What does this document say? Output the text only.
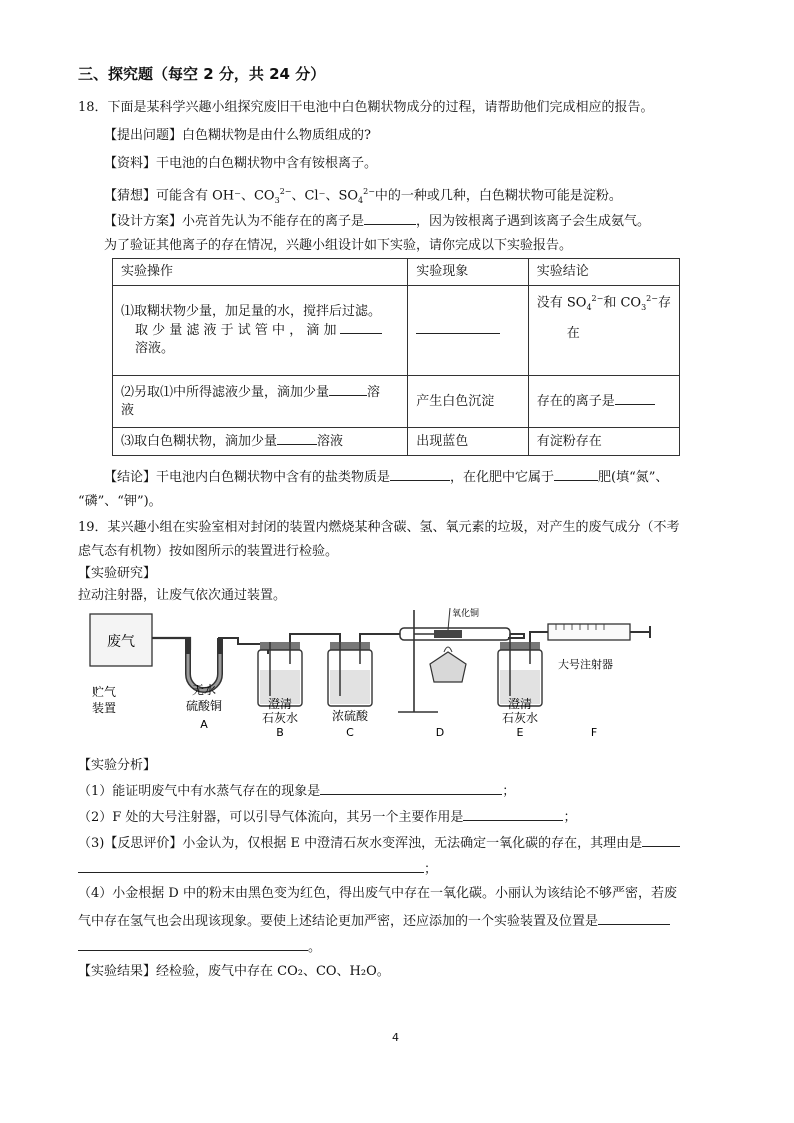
三、探究题（每空 2 分，共 24 分）
18．下面是某科学兴趣小组探究废旧干电池中白色糊状物成分的过程，请帮助他们完成相应的报告。
【提出问题】白色糊状物是由什么物质组成的?
【资料】干电池的白色糊状物中含有铵根离子。
【猜想】可能含有 OH⁻、$CO_3^{2-}$、Cl⁻、$SO_4^{2-}$中的一种或几种，白色糊状物可能是淀粉。
【设计方案】小亮首先认为不能存在的离子是	，因为铵根离子遇到该离子会生成氨气。
为了验证其他离子的存在情况，兴趣小组设计如下实验，请你完成以下实验报告。
实验操作	实验现象	实验结论

⑴取糊状物少量，加足量的水，搅拌后过滤。
取 少 量 滤 液 于 试 管 中 ， 滴 加
溶液。		没有 $SO_4^{2-}$和 $CO_3^{2-}$存
在

⑵另取⑴中所得滤液少量，滴加少量 溶
液	产生白色沉淀	存在的离子是
⑶取白色糊状物，滴加少量 溶液	出现蓝色	有淀粉存在
【结论】干电池内白色糊状物中含有的盐类物质是	，在化肥中它属于	肥(填“氮”、
“磷”、“钾”)。
19．某兴趣小组在实验室相对封闭的装置内燃烧某种含碳、氢、氧元素的垃圾，对产生的废气成分（不考
虑气态有机物）按如图所示的装置进行检验。
【实验研究】
拉动注射器，让废气依次通过装置。
废气
氧化铜
大号注射器
贮气
装置
无水
硫酸铜
A
澄清
石灰水
B
浓硫酸
C	D
澄清
石灰水
E	F
【实验分析】
（1）能证明废气中有水蒸气存在的现象是	；
（2）F 处的大号注射器，可以引导气体流向，其另一个主要作用是	；
（3)【反思评价】小金认为，仅根据 E 中澄清石灰水变浑浊，无法确定一氧化碳的存在，其理由是
；
（4）小金根据 D 中的粉末由黑色变为红色，得出废气中存在一氧化碳。小丽认为该结论不够严密，若废
气中存在氢气也会出现该现象。要使上述结论更加严密，还应添加的一个实验装置及位置是
。
【实验结果】经检验，废气中存在 CO₂、CO、H₂O。
4
